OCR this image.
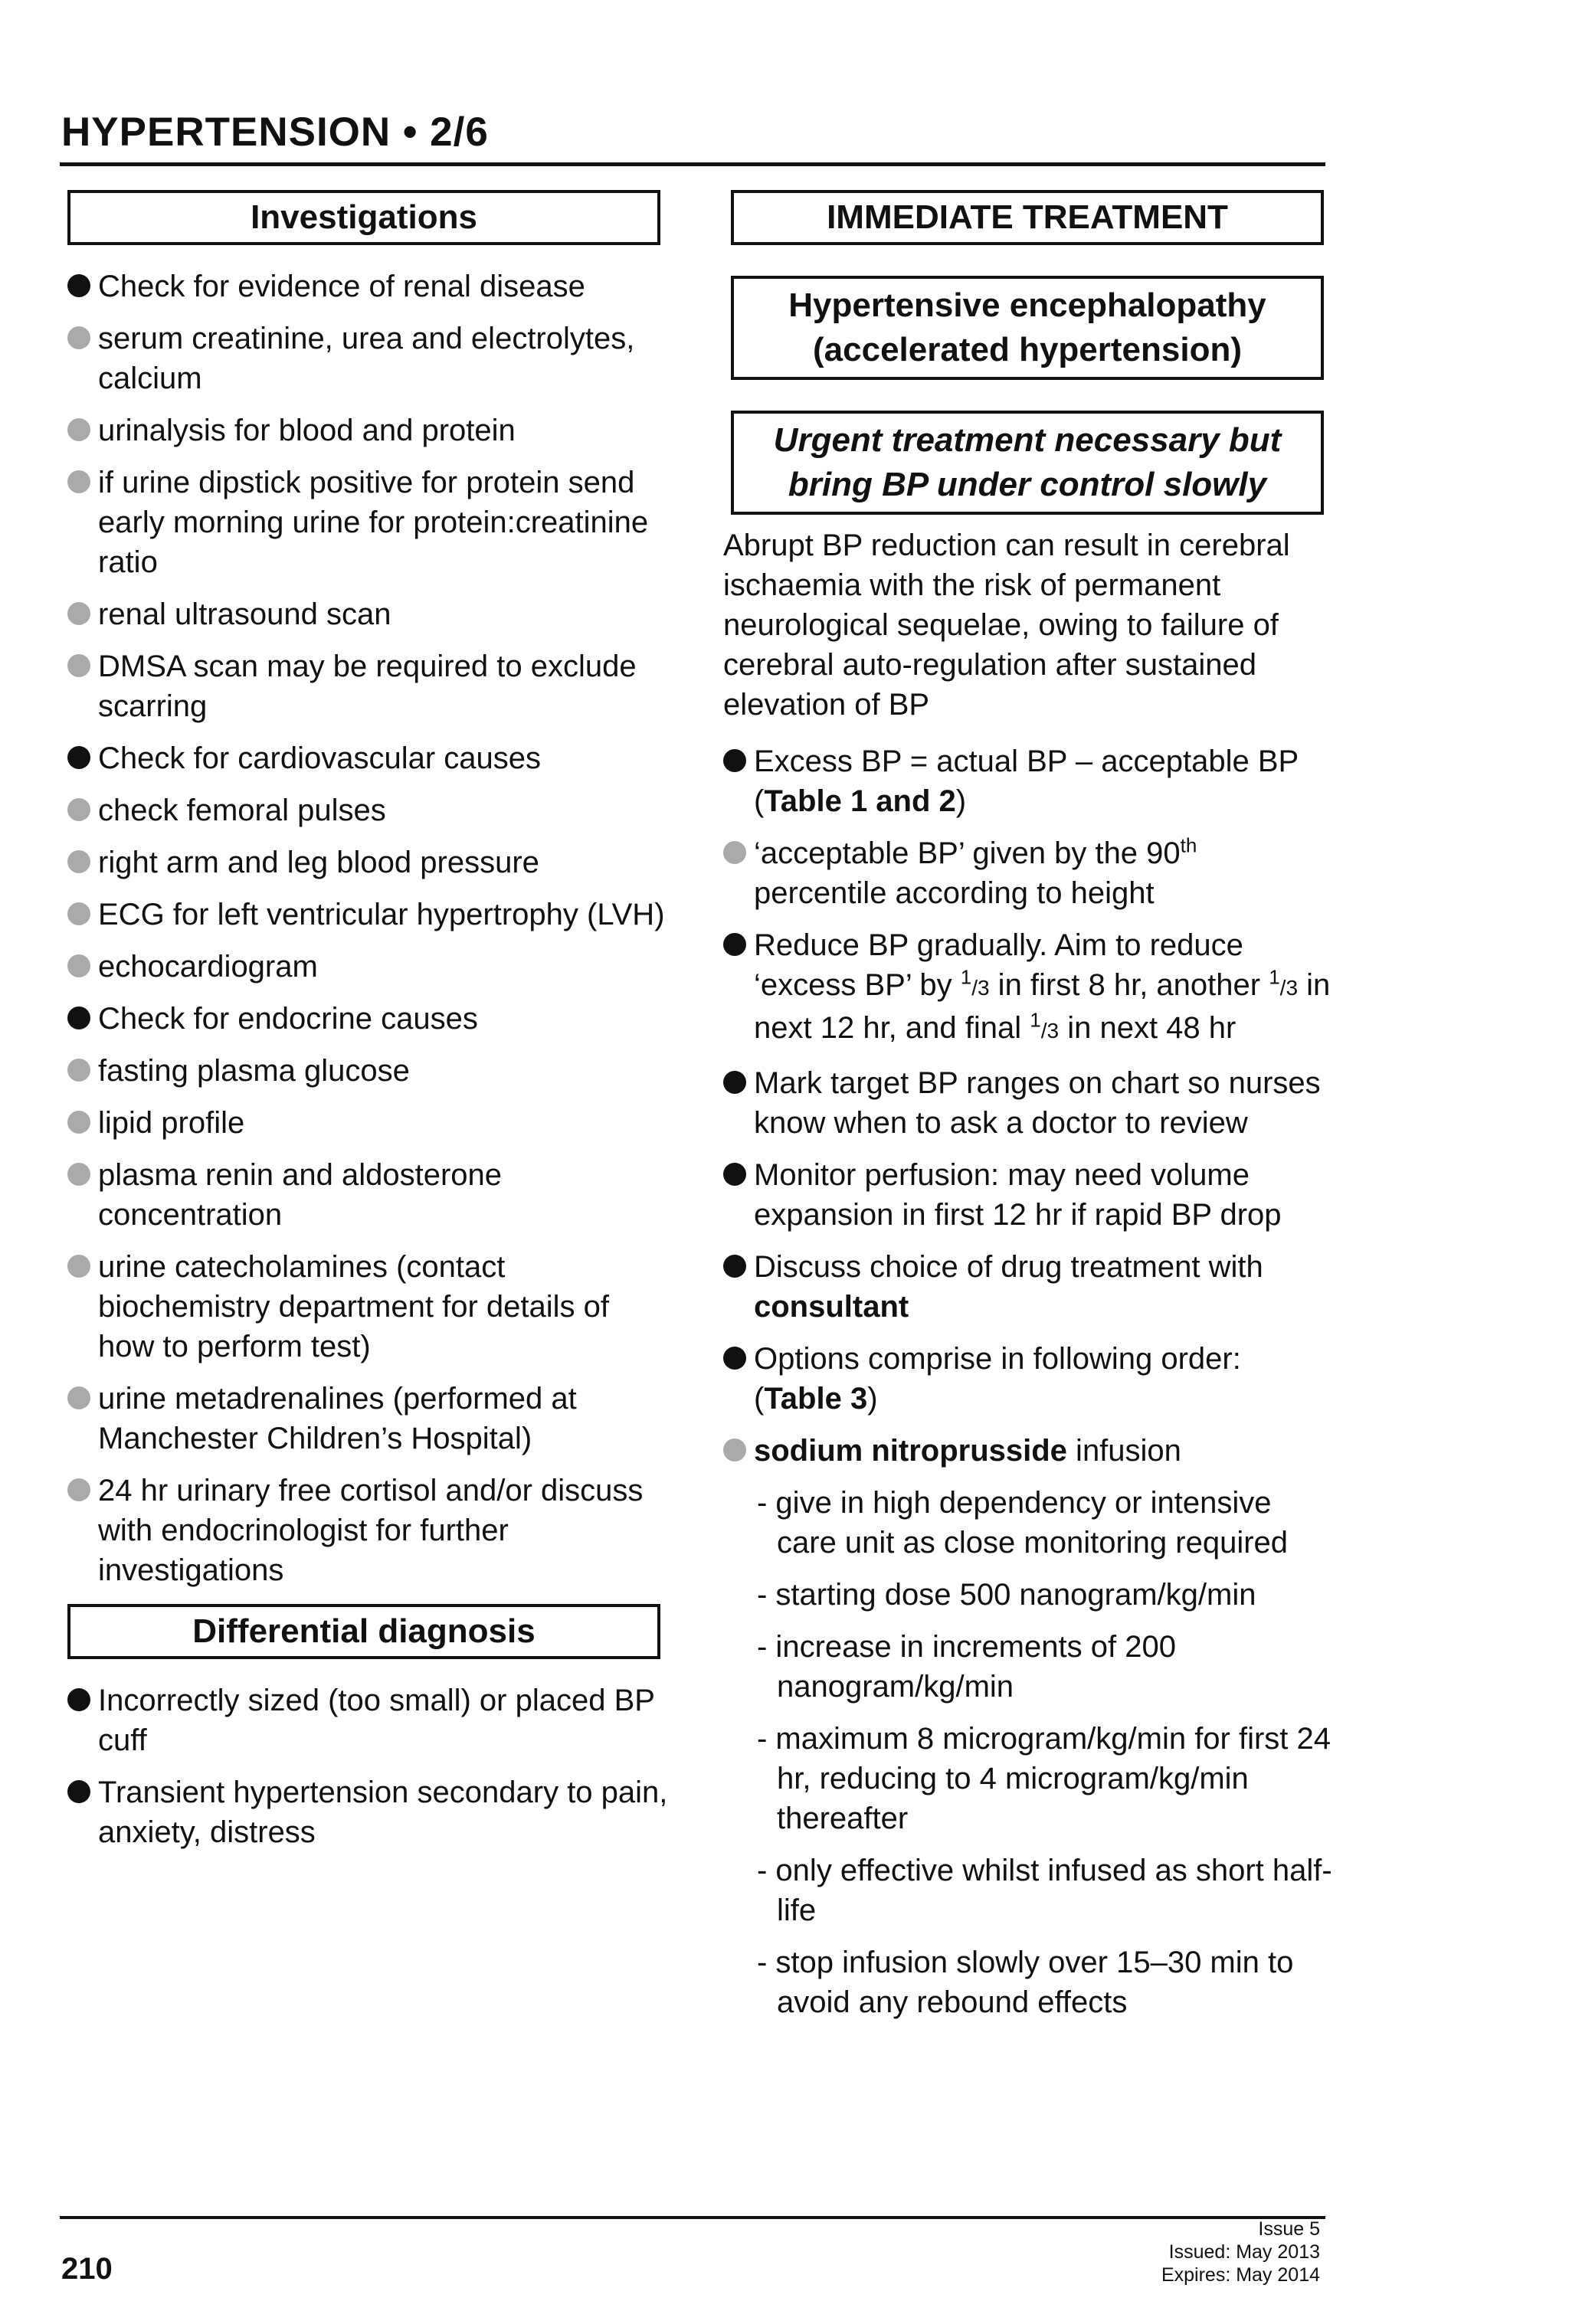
HYPERTENSION • 2/6
Investigations
Check for evidence of renal disease
serum creatinine, urea and electrolytes, calcium
urinalysis for blood and protein
if urine dipstick positive for protein send early morning urine for protein:creatinine ratio
renal ultrasound scan
DMSA scan may be required to exclude scarring
Check for cardiovascular causes
check femoral pulses
right arm and leg blood pressure
ECG for left ventricular hypertrophy (LVH)
echocardiogram
Check for endocrine causes
fasting plasma glucose
lipid profile
plasma renin and aldosterone concentration
urine catecholamines (contact biochemistry department for details of how to perform test)
urine metadrenalines (performed at Manchester Children’s Hospital)
24 hr urinary free cortisol and/or discuss with endocrinologist for further investigations
Differential diagnosis
Incorrectly sized (too small) or placed BP cuff
Transient hypertension secondary to pain, anxiety, distress
IMMEDIATE TREATMENT
Hypertensive encephalopathy
(accelerated hypertension)
Urgent treatment necessary but
bring BP under control slowly
Abrupt BP reduction can result in cerebral ischaemia with the risk of permanent neurological sequelae, owing to failure of cerebral auto-regulation after sustained elevation of BP
Excess BP = actual BP – acceptable BP (Table 1 and 2)
‘acceptable BP’ given by the 90th percentile according to height
Reduce BP gradually. Aim to reduce ‘excess BP’ by $^1$/3 in first 8 hr, another $^1$/3 in next 12 hr, and final $^1$/3 in next 48 hr
Mark target BP ranges on chart so nurses know when to ask a doctor to review
Monitor perfusion: may need volume expansion in first 12 hr if rapid BP drop
Discuss choice of drug treatment with consultant
Options comprise in following order: (Table 3)
sodium nitroprusside infusion
- give in high dependency or intensive care unit as close monitoring required
- starting dose 500 nanogram/kg/min
- increase in increments of 200 nanogram/kg/min
- maximum 8 microgram/kg/min for first 24 hr, reducing to 4 microgram/kg/min thereafter
- only effective whilst infused as short half-life
- stop infusion slowly over 15–30 min to avoid any rebound effects
210
Issue 5
Issued: May 2013
Expires: May 2014
